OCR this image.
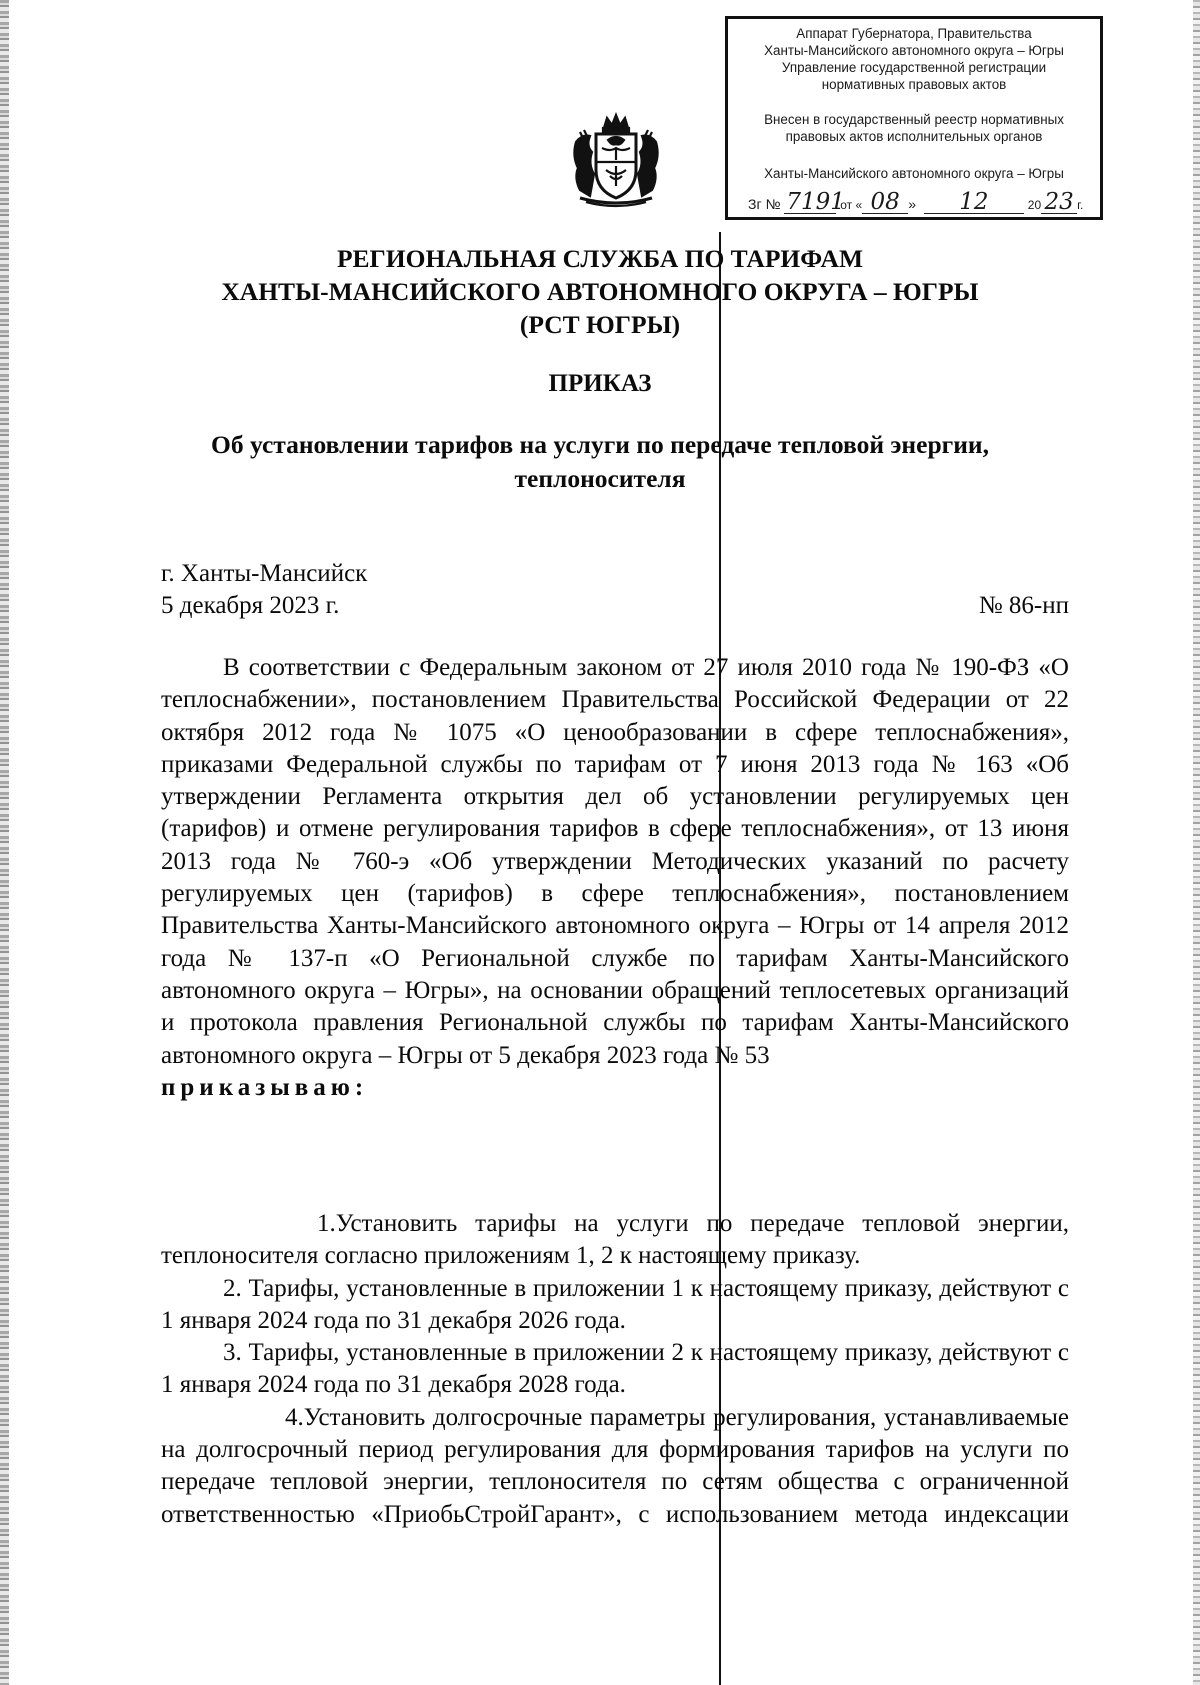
Аппарат Губернатора, Правительства
Ханты-Мансийского автономного округа – Югры
Управление государственной регистрации
нормативных правовых актов
Внесен в государственный реестр нормативных
правовых актов исполнительных органов
Ханты-Мансийского автономного округа – Югры
Зг № 7191 от « 08 » 12	20 23 г.
РЕГИОНАЛЬНАЯ СЛУЖБА ПО ТАРИФАМ
ХАНТЫ-МАНСИЙСКОГО АВТОНОМНОГО ОКРУГА – ЮГРЫ
(РСТ ЮГРЫ)
ПРИКАЗ
Об установлении тарифов на услуги по передаче тепловой энергии,
теплоносителя
г. Ханты-Мансийск
5 декабря 2023 г.	№ 86-нп
В соответствии с Федеральным законом от 27 июля 2010 года № 190-ФЗ «О теплоснабжении», постановлением Правительства Российской Федерации от 22 октября 2012 года № 1075 «О ценообразовании в сфере теплоснабжения», приказами Федеральной службы по тарифам от 7 июня 2013 года № 163 «Об утверждении Регламента открытия дел об установлении регулируемых цен (тарифов) и отмене регулирования тарифов в сфере теплоснабжения», от 13 июня 2013 года № 760-э «Об утверждении Методических указаний по расчету регулируемых цен (тарифов) в сфере теплоснабжения», постановлением Правительства Ханты-Мансийского автономного округа – Югры от 14 апреля 2012 года № 137-п «О Региональной службе по тарифам Ханты-Мансийского автономного округа – Югры», на основании обращений теплосетевых организаций и протокола правления Региональной службы по тарифам Ханты-Мансийского автономного округа – Югры от 5 декабря 2023 года № 53
приказываю:

1.Установить тарифы на услуги по передаче тепловой энергии, теплоносителя согласно приложениям 1, 2 к настоящему приказу.

2. Тарифы, установленные в приложении 1 к настоящему приказу, действуют с 1 января 2024 года по 31 декабря 2026 года.

3. Тарифы, установленные в приложении 2 к настоящему приказу, действуют с 1 января 2024 года по 31 декабря 2028 года.

4.Установить долгосрочные параметры регулирования, устанавливаемые на долгосрочный период регулирования для формирования тарифов на услуги по передаче тепловой энергии, теплоносителя по сетям общества с ограниченной ответственностью «ПриобьСтройГарант», с использованием метода индексации
